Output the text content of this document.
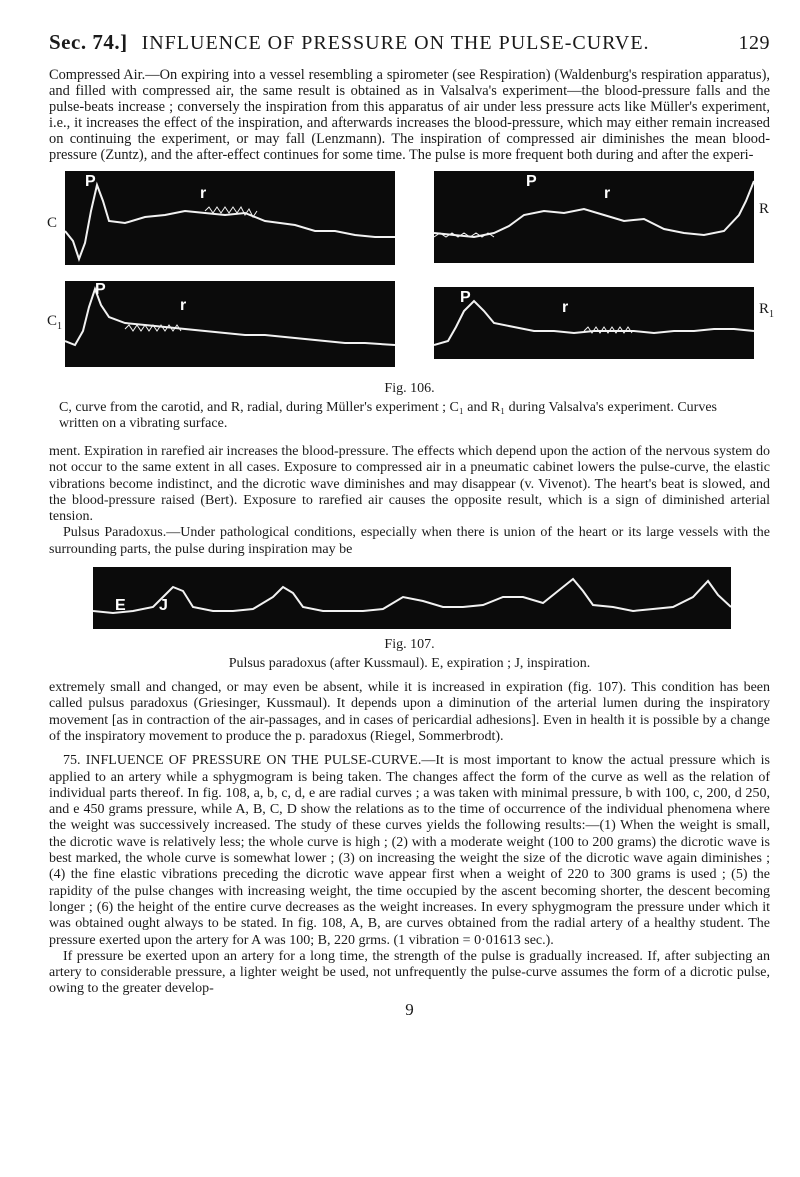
Sec. 74.] INFLUENCE OF PRESSURE ON THE PULSE-CURVE.	129

Compressed Air.—On expiring into a vessel resembling a spirometer (see Respiration) (Waldenburg's respiration apparatus), and filled with compressed air, the same result is obtained as in Valsalva's experiment—the blood-pressure falls and the pulse-beats increase ; conversely the inspiration from this apparatus of air under less pressure acts like Müller's experiment, i.e., it increases the effect of the inspiration, and afterwards increases the blood-pressure, which may either remain increased on continuing the experiment, or may fall (Lenzmann). The inspiration of compressed air diminishes the mean blood-pressure (Zuntz), and the after-effect continues for some time. The pulse is more frequent both during and after the experi-

C
P
r
P
r
R
$C_1$
P
r	P
r	$R_1$
Fig. 106.
C, curve from the carotid, and R, radial, during Müller's experiment ; C₁ and R₁ during Valsalva's experiment. Curves written on a vibrating surface.

ment. Expiration in rarefied air increases the blood-pressure. The effects which depend upon the action of the nervous system do not occur to the same extent in all cases. Exposure to compressed air in a pneumatic cabinet lowers the pulse-curve, the elastic vibrations become indistinct, and the dicrotic wave diminishes and may disappear (v. Vivenot). The heart's beat is slowed, and the blood-pressure raised (Bert). Exposure to rarefied air causes the opposite result, which is a sign of diminished arterial tension.

Pulsus Paradoxus.—Under pathological conditions, especially when there is union of the heart or its large vessels with the surrounding parts, the pulse during inspiration may be

E J
Fig. 107.
Pulsus paradoxus (after Kussmaul). E, expiration ; J, inspiration.

extremely small and changed, or may even be absent, while it is increased in expiration (fig. 107). This condition has been called pulsus paradoxus (Griesinger, Kussmaul). It depends upon a diminution of the arterial lumen during the inspiratory movement [as in contraction of the air-passages, and in cases of pericardial adhesions]. Even in health it is possible by a change of the inspiratory movement to produce the p. paradoxus (Riegel, Sommerbrodt).

75. INFLUENCE OF PRESSURE ON THE PULSE-CURVE.—It is most important to know the actual pressure which is applied to an artery while a sphygmogram is being taken. The changes affect the form of the curve as well as the relation of individual parts thereof. In fig. 108, a, b, c, d, e are radial curves ; a was taken with minimal pressure, b with 100, c, 200, d 250, and e 450 grams pressure, while A, B, C, D show the relations as to the time of occurrence of the individual phenomena where the weight was successively increased. The study of these curves yields the following results:—(1) When the weight is small, the dicrotic wave is relatively less; the whole curve is high ; (2) with a moderate weight (100 to 200 grams) the dicrotic wave is best marked, the whole curve is somewhat lower ; (3) on increasing the weight the size of the dicrotic wave again diminishes ; (4) the fine elastic vibrations preceding the dicrotic wave appear first when a weight of 220 to 300 grams is used ; (5) the rapidity of the pulse changes with increasing weight, the time occupied by the ascent becoming shorter, the descent becoming longer ; (6) the height of the entire curve decreases as the weight increases. In every sphygmogram the pressure under which it was obtained ought always to be stated. In fig. 108, A, B, are curves obtained from the radial artery of a healthy student. The pressure exerted upon the artery for A was 100; B, 220 grms. (1 vibration = 0·01613 sec.).

If pressure be exerted upon an artery for a long time, the strength of the pulse is gradually increased. If, after subjecting an artery to considerable pressure, a lighter weight be used, not unfrequently the pulse-curve assumes the form of a dicrotic pulse, owing to the greater develop-

9
